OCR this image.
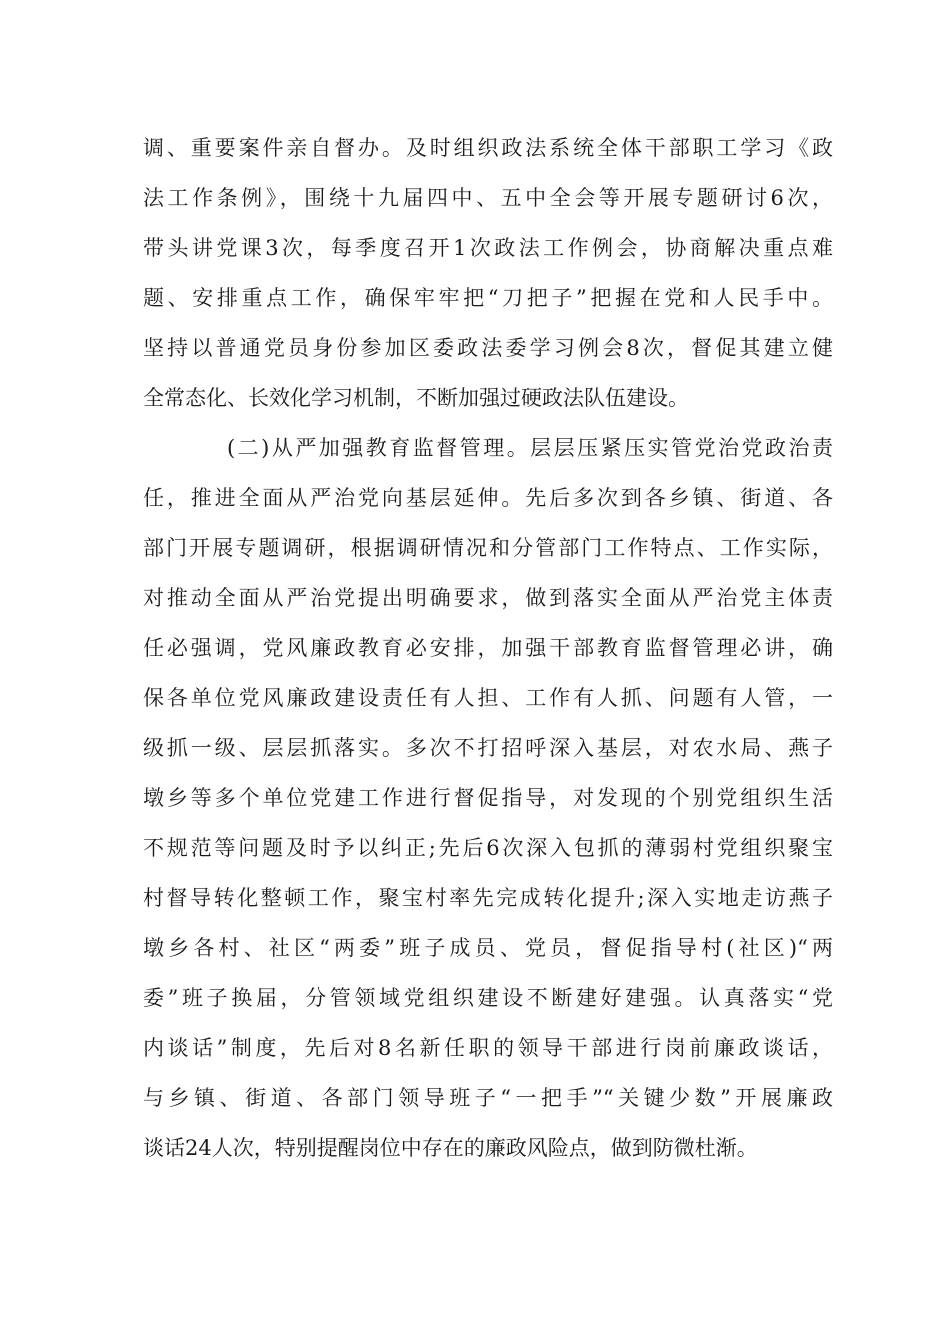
调、重要案件亲自督办。及时组织政法系统全体干部职工学习《政
法工作条例》，围绕十九届四中、五中全会等开展专题研讨6次，
带头讲党课3次，每季度召开1次政法工作例会，协商解决重点难
题、安排重点工作，确保牢牢把“刀把子”把握在党和人民手中。
坚持以普通党员身份参加区委政法委学习例会8次，督促其建立健
全常态化、长效化学习机制，不断加强过硬政法队伍建设。
(二)从严加强教育监督管理。层层压紧压实管党治党政治责
任，推进全面从严治党向基层延伸。先后多次到各乡镇、街道、各
部门开展专题调研，根据调研情况和分管部门工作特点、工作实际，
对推动全面从严治党提出明确要求，做到落实全面从严治党主体责
任必强调，党风廉政教育必安排，加强干部教育监督管理必讲，确
保各单位党风廉政建设责任有人担、工作有人抓、问题有人管，一
级抓一级、层层抓落实。多次不打招呼深入基层，对农水局、燕子
墩乡等多个单位党建工作进行督促指导，对发现的个别党组织生活
不规范等问题及时予以纠正;先后6次深入包抓的薄弱村党组织聚宝
村督导转化整顿工作，聚宝村率先完成转化提升;深入实地走访燕子
墩乡各村、社区“两委”班子成员、党员，督促指导村(社区)“两
委”班子换届，分管领域党组织建设不断建好建强。认真落实“党
内谈话”制度，先后对8名新任职的领导干部进行岗前廉政谈话，
与乡镇、街道、各部门领导班子“一把手”“关键少数”开展廉政
谈话24人次，特别提醒岗位中存在的廉政风险点，做到防微杜渐。
